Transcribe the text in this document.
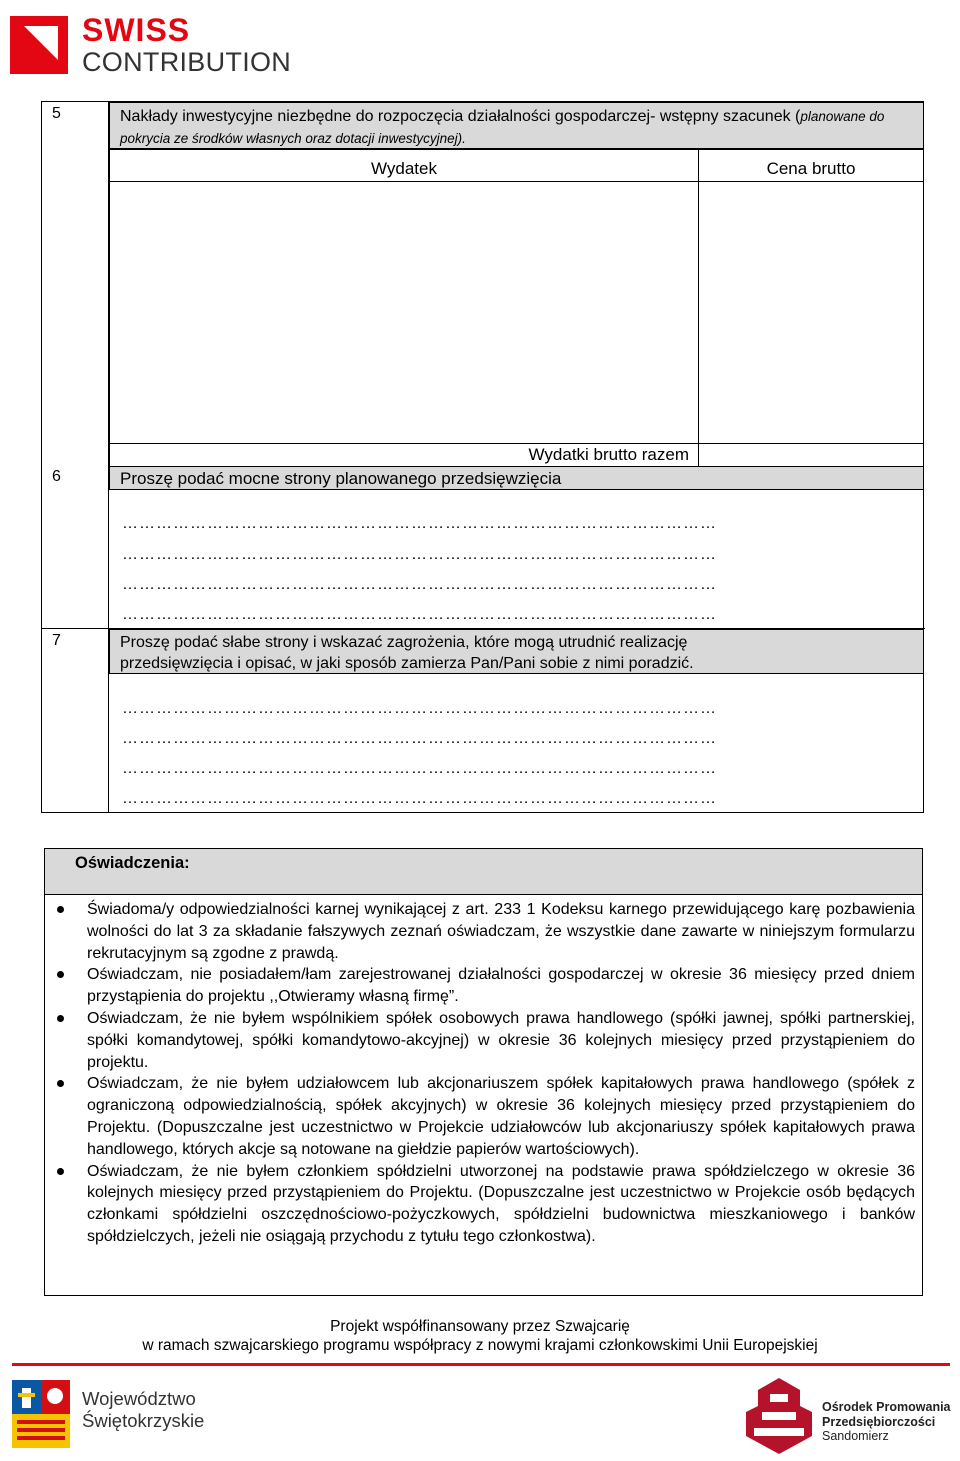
SWISS
CONTRIBUTION
5	Nakłady inwestycyjne niezbędne do rozpoczęcia działalności gospodarczej- wstępny szacunek (planowane do pokrycia ze środków własnych oraz dotacji inwestycyjnej).
Wydatek	Cena brutto
Wydatki brutto razem
6	Proszę podać mocne strony planowanego przedsięwzięcia
……………………………………………………………………………………………
……………………………………………………………………………………………
……………………………………………………………………………………………
……………………………………………………………………………………………
7	Proszę podać słabe strony i wskazać zagrożenia, które mogą utrudnić realizację
przedsięwzięcia i opisać, w jaki sposób zamierza Pan/Pani sobie z nimi poradzić.
……………………………………………………………………………………………
……………………………………………………………………………………………
……………………………………………………………………………………………
……………………………………………………………………………………………
Oświadczenia:
Świadoma/y odpowiedzialności karnej wynikającej z art. 233 1 Kodeksu karnego przewidującego karę pozbawienia wolności do lat 3 za składanie fałszywych zeznań oświadczam, że wszystkie dane zawarte w niniejszym formularzu rekrutacyjnym są zgodne z prawdą.
Oświadczam, nie posiadałem/łam zarejestrowanej działalności gospodarczej w okresie 36 miesięcy przed dniem przystąpienia do projektu ,,Otwieramy własną firmę”.
Oświadczam, że nie byłem wspólnikiem spółek osobowych prawa handlowego (spółki jawnej, spółki partnerskiej, spółki komandytowej, spółki komandytowo-akcyjnej) w okresie 36 kolejnych miesięcy przed przystąpieniem do projektu.
Oświadczam, że nie byłem udziałowcem lub akcjonariuszem spółek kapitałowych prawa handlowego (spółek z ograniczoną odpowiedzialnością, spółek akcyjnych) w okresie 36 kolejnych miesięcy przed przystąpieniem do Projektu. (Dopuszczalne jest uczestnictwo w Projekcie udziałowców lub akcjonariuszy spółek kapitałowych prawa handlowego, których akcje są notowane na giełdzie papierów wartościowych).
Oświadczam, że nie byłem członkiem spółdzielni utworzonej na podstawie prawa spółdzielczego w okresie 36 kolejnych miesięcy przed przystąpieniem do Projektu. (Dopuszczalne jest uczestnictwo w Projekcie osób będących członkami spółdzielni oszczędnościowo-pożyczkowych, spółdzielni budownictwa mieszkaniowego i banków spółdzielczych, jeżeli nie osiągają przychodu z tytułu tego członkostwa).
Projekt współfinansowany przez Szwajcarię
w ramach szwajcarskiego programu współpracy z nowymi krajami członkowskimi Unii Europejskiej
Województwo
Świętokrzyskie
Ośrodek Promowania
Przedsiębiorczości
Sandomierz
